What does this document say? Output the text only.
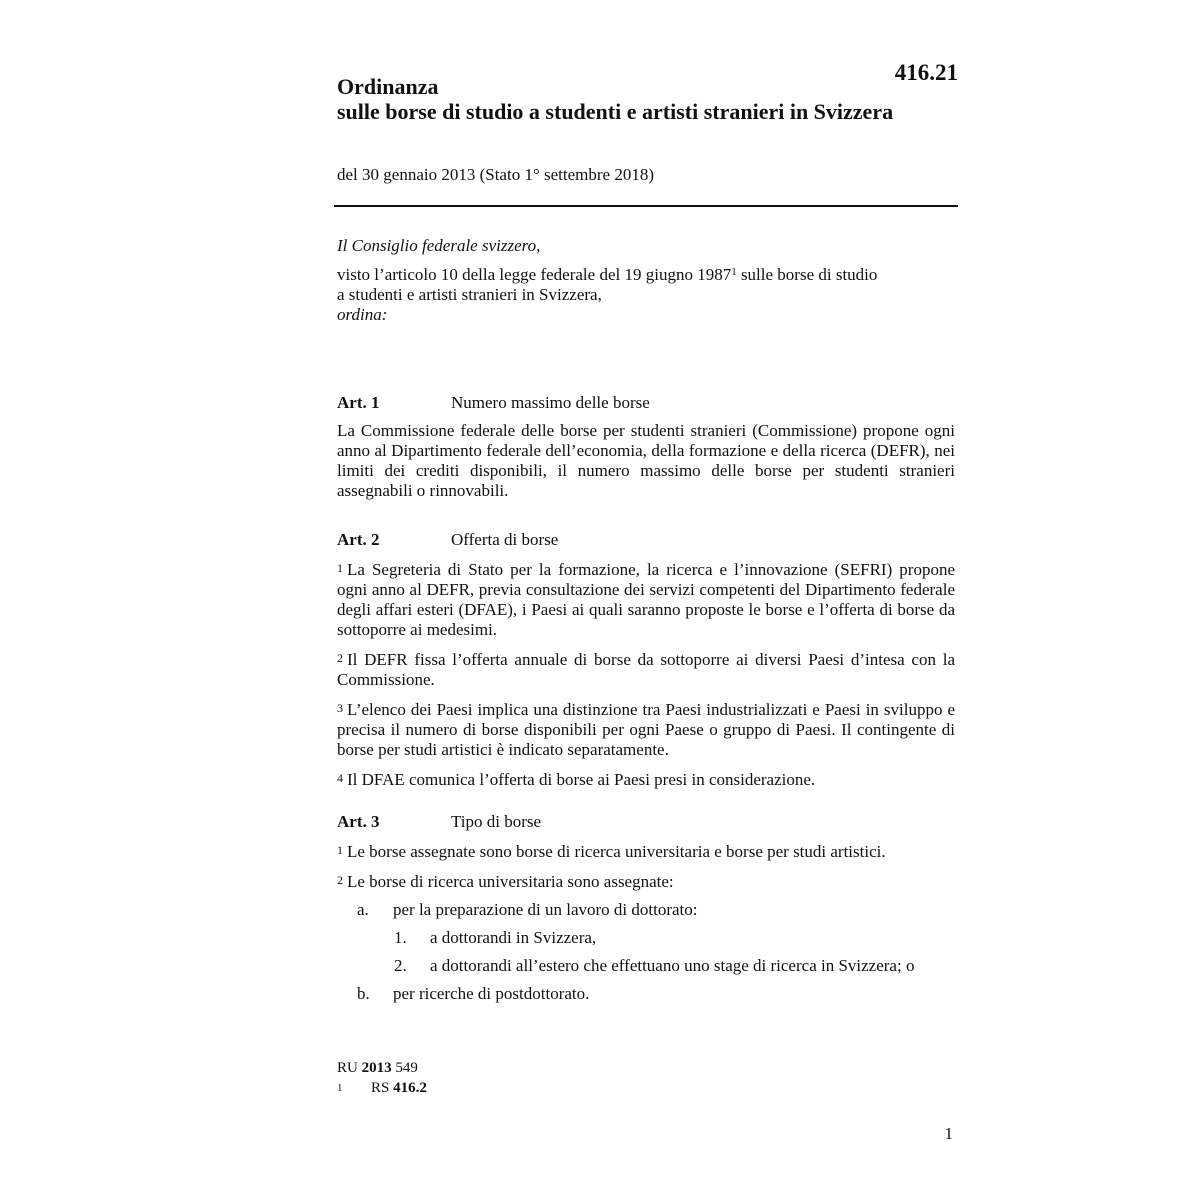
416.21
Ordinanza
sulle borse di studio a studenti e artisti stranieri in Svizzera
del 30 gennaio 2013 (Stato 1° settembre 2018)

Il Consiglio federale svizzero,

visto l’articolo 10 della legge federale del 19 giugno 1987$^1$ sulle borse di studio

a studenti e artisti stranieri in Svizzera,

ordina:

Art. 1	Numero massimo delle borse

La Commissione federale delle borse per studenti stranieri (Commissione) propone ogni anno al Dipartimento federale dell’economia, della formazione e della ricerca (DEFR), nei limiti dei crediti disponibili, il numero massimo delle borse per studenti stranieri assegnabili o rinnovabili.

Art. 2	Offerta di borse

1 La Segreteria di Stato per la formazione, la ricerca e l’innovazione (SEFRI) propone ogni anno al DEFR, previa consultazione dei servizi competenti del Dipartimento federale degli affari esteri (DFAE), i Paesi ai quali saranno proposte le borse e l’offerta di borse da sottoporre ai medesimi.

2 Il DEFR fissa l’offerta annuale di borse da sottoporre ai diversi Paesi d’intesa con la Commissione.

3 L’elenco dei Paesi implica una distinzione tra Paesi industrializzati e Paesi in sviluppo e precisa il numero di borse disponibili per ogni Paese o gruppo di Paesi. Il contingente di borse per studi artistici è indicato separatamente.

4 Il DFAE comunica l’offerta di borse ai Paesi presi in considerazione.

Art. 3	Tipo di borse

1 Le borse assegnate sono borse di ricerca universitaria e borse per studi artistici.

2 Le borse di ricerca universitaria sono assegnate:

a.	per la preparazione di un lavoro di dottorato:
1.	a dottorandi in Svizzera,
2.	a dottorandi all’estero che effettuano uno stage di ricerca in Svizzera; o
b.	per ricerche di postdottorato.
RU 2013 549
1	RS 416.2
1
